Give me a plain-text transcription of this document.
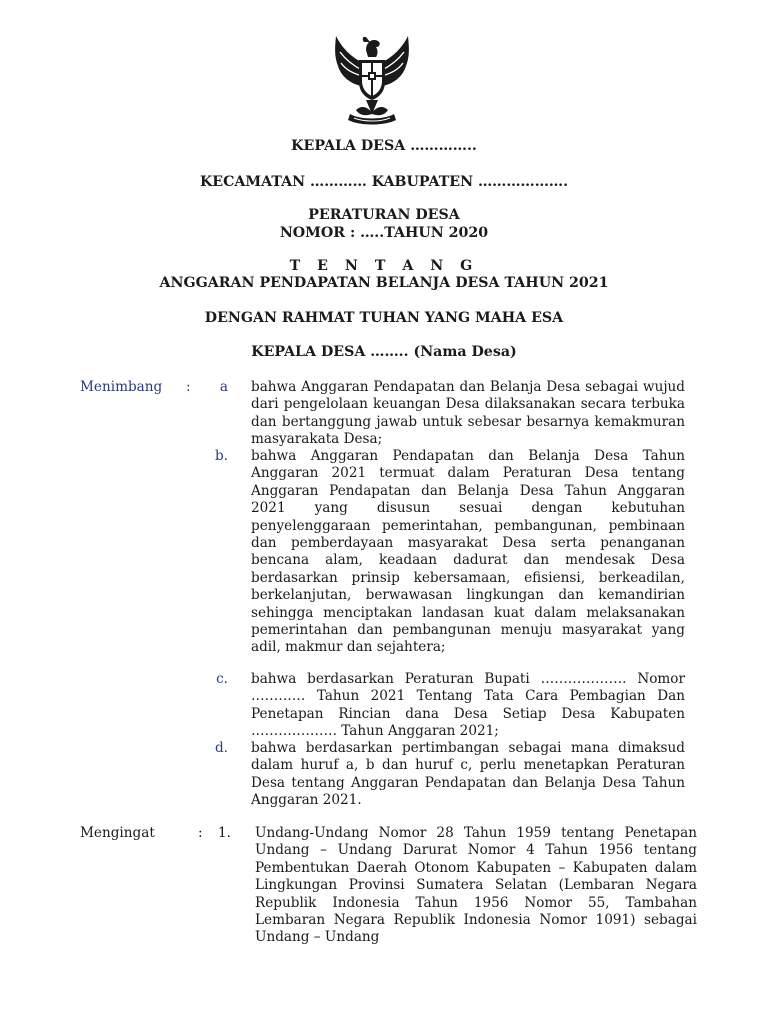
KEPALA DESA …………..
KECAMATAN ………… KABUPATEN ……………….
PERATURAN DESA
NOMOR : …..TAHUN 2020
T E N T A N G
ANGGARAN PENDAPATAN BELANJA DESA TAHUN 2021
DENGAN RAHMAT TUHAN YANG MAHA ESA
KEPALA DESA …….. (Nama Desa)
Menimbang :	a bahwa Anggaran Pendapatan dan Belanja Desa sebagai wujud dari pengelolaan keuangan Desa dilaksanakan secara terbuka dan bertanggung jawab untuk sebesar besarnya kemakmuran masyarakata Desa;
b. bahwa Anggaran Pendapatan dan Belanja Desa Tahun Anggaran 2021 termuat dalam Peraturan Desa tentang Anggaran Pendapatan dan Belanja Desa Tahun Anggaran 2021 yang disusun sesuai dengan kebutuhan penyelenggaraan pemerintahan, pembangunan, pembinaan dan pemberdayaan masyarakat Desa serta penanganan bencana alam, keadaan dadurat dan mendesak Desa berdasarkan prinsip kebersamaan, efisiensi, berkeadilan, berkelanjutan, berwawasan lingkungan dan kemandirian sehingga menciptakan landasan kuat dalam melaksanakan pemerintahan dan pembangunan menuju masyarakat yang adil, makmur dan sejahtera;
c. bahwa berdasarkan Peraturan Bupati ………………. Nomor ………… Tahun 2021 Tentang Tata Cara Pembagian Dan Penetapan Rincian dana Desa Setiap Desa Kabupaten ………………. Tahun Anggaran 2021;
d. bahwa berdasarkan pertimbangan sebagai mana dimaksud dalam huruf a, b dan huruf c, perlu menetapkan Peraturan Desa tentang Anggaran Pendapatan dan Belanja Desa Tahun Anggaran 2021.
Mengingat	:	1. Undang-Undang Nomor 28 Tahun 1959 tentang Penetapan Undang – Undang Darurat Nomor 4 Tahun 1956 tentang Pembentukan Daerah Otonom Kabupaten – Kabupaten dalam Lingkungan Provinsi Sumatera Selatan (Lembaran Negara Republik Indonesia Tahun 1956 Nomor 55, Tambahan Lembaran Negara Republik Indonesia Nomor 1091) sebagai Undang – Undang
